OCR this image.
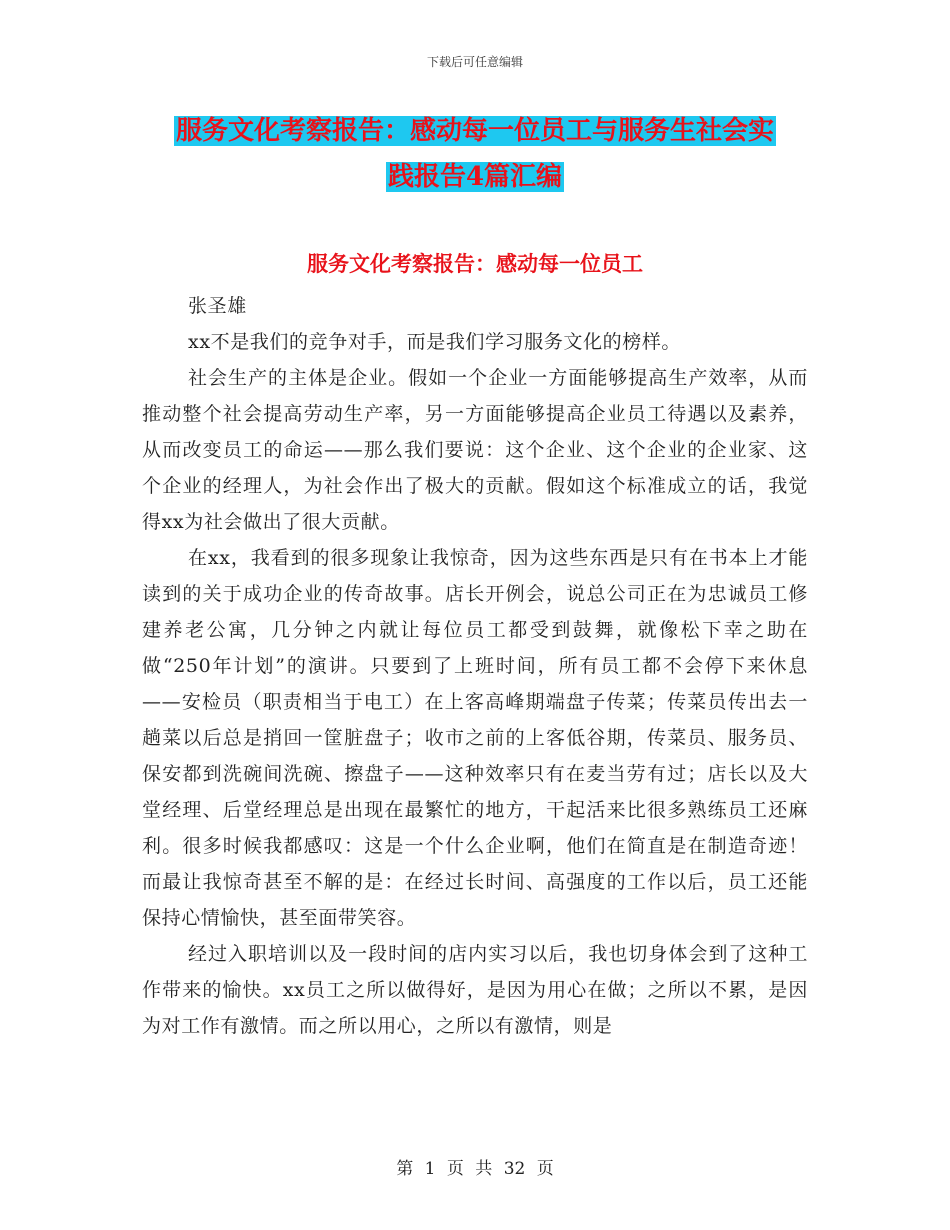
下载后可任意编辑
服务文化考察报告：感动每一位员工与服务生社会实
践报告4篇汇编
服务文化考察报告：感动每一位员工

张圣雄

xx不是我们的竞争对手，而是我们学习服务文化的榜样。

社会生产的主体是企业。假如一个企业一方面能够提高生产效率，从而推动整个社会提高劳动生产率，另一方面能够提高企业员工待遇以及素养，从而改变员工的命运——那么我们要说：这个企业、这个企业的企业家、这个企业的经理人，为社会作出了极大的贡献。假如这个标准成立的话，我觉得xx为社会做出了很大贡献。

在xx，我看到的很多现象让我惊奇，因为这些东西是只有在书本上才能读到的关于成功企业的传奇故事。店长开例会，说总公司正在为忠诚员工修建养老公寓，几分钟之内就让每位员工都受到鼓舞，就像松下幸之助在做“250年计划”的演讲。只要到了上班时间，所有员工都不会停下来休息——安检员（职责相当于电工）在上客高峰期端盘子传菜；传菜员传出去一趟菜以后总是捎回一筐脏盘子；收市之前的上客低谷期，传菜员、服务员、保安都到洗碗间洗碗、擦盘子——这种效率只有在麦当劳有过；店长以及大堂经理、后堂经理总是出现在最繁忙的地方，干起活来比很多熟练员工还麻利。很多时候我都感叹：这是一个什么企业啊，他们在简直是在制造奇迹！而最让我惊奇甚至不解的是：在经过长时间、高强度的工作以后，员工还能保持心情愉快，甚至面带笑容。

经过入职培训以及一段时间的店内实习以后，我也切身体会到了这种工作带来的愉快。xx员工之所以做得好，是因为用心在做；之所以不累，是因为对工作有激情。而之所以用心，之所以有激情，则是

第 1 页 共 32 页
